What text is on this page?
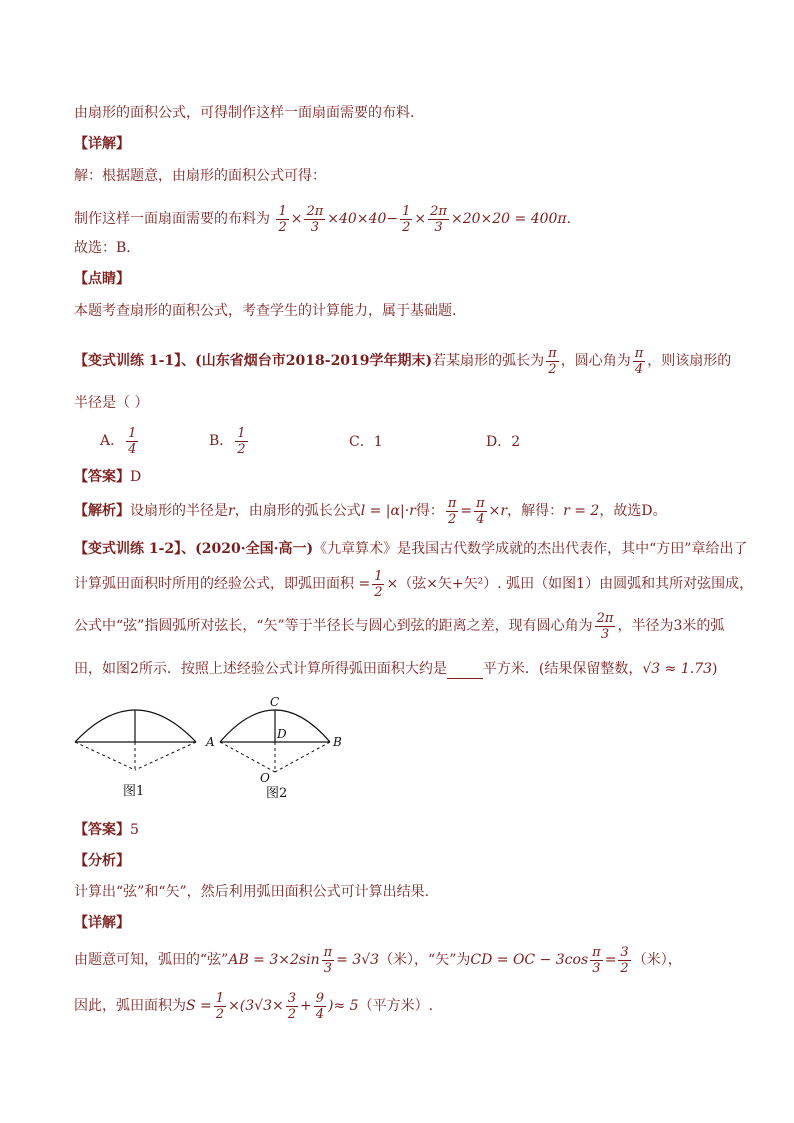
由扇形的面积公式，可得制作这样一面扇面需要的布料.
【详解】
解：根据题意，由扇形的面积公式可得：
制作这样一面扇面需要的布料为 $\frac{1}{2} \times \frac{2\pi}{3} \times 40\times 40- \frac{1}{2} \times \frac{2\pi}{3} \times 20\times 20 = 400\pi$.
故选：B.
【点睛】
本题考查扇形的面积公式，考查学生的计算能力，属于基础题.
【变式训练 1-1】、(山东省烟台市2018-2019学年期末)若某扇形的弧长为 $\frac{\pi}{2}$ ，圆心角为 $\frac{\pi}{4}$ ，则该扇形的
半径是（ ）
A． $\frac{1}{4}$	B． $\frac{1}{2}$	C．1	D．2
【答案】D
【解析】设扇形的半径是r，由扇形的弧长公式l = |α|·r得： $\frac{\pi}{2} = \frac{\pi}{4} \times r$，解得：r = 2，故选D。
【变式训练 1-2】、(2020·全国·高一)《九章算术》是我国古代数学成就的杰出代表作，其中“方田”章给出了
计算弧田面积时所用的经验公式，即弧田面积 = $\frac{1}{2}$ ×（弦×矢+矢²）. 弧田（如图1）由圆弧和其所对弦围成，
公式中“弦”指圆弧所对弦长，“矢”等于半径长与圆心到弦的距离之差，现有圆心角为 $\frac{2\pi}{3}$ ，半径为3米的弧
田，如图2所示．按照上述经验公式计算所得弧田面积大约是	平方米．(结果保留整数，√3 ≈ 1.73)
图1
C
D
A	B
O
图2
【答案】5
【分析】
计算出“弦”和“矢”，然后利用弧田面积公式可计算出结果.
【详解】
由题意可知，弧田的“弦”AB = $3\times 2\sin \frac{\pi}{3} = 3√3$（米），“矢”为CD = OC − $3\cos \frac{\pi}{3} = \frac{3}{2}$ （米），
因此，弧田面积为$S = \frac{1}{2} \times(3√3\times \frac{3}{2} + \frac{9}{4}$ )≈ 5（平方米）.
